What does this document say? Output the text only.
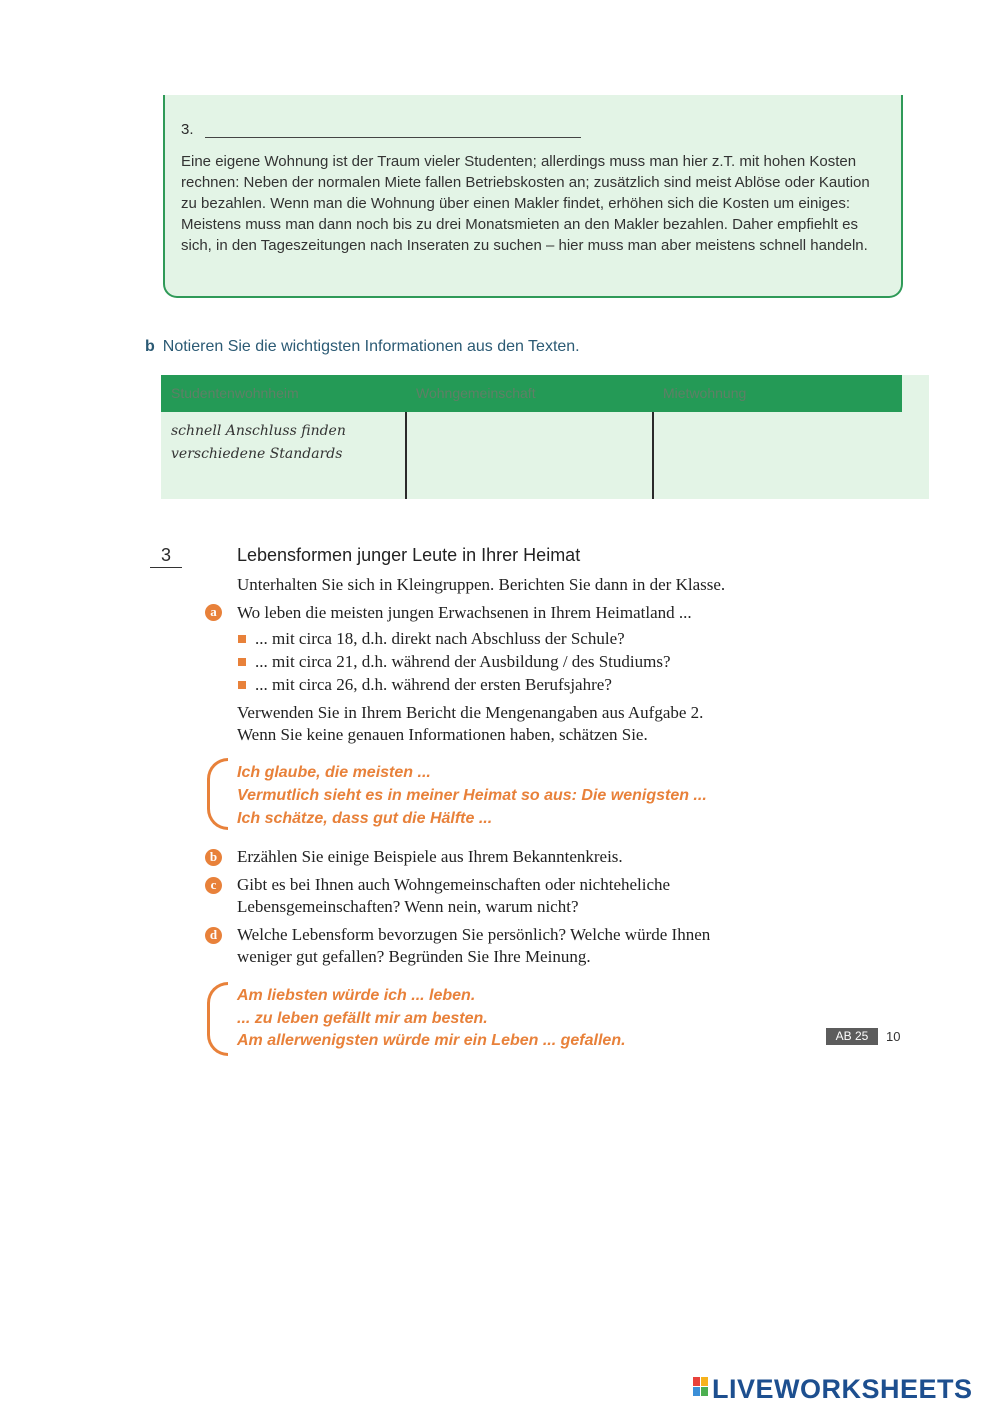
3.
Eine eigene Wohnung ist der Traum vieler Studenten; allerdings muss man hier z.T. mit hohen Kosten rechnen: Neben der normalen Miete fallen Betriebskosten an; zusätzlich sind meist Ablöse oder Kaution zu bezahlen. Wenn man die Wohnung über einen Makler findet, erhöhen sich die Kosten um einiges: Meistens muss man dann noch bis zu drei Monatsmieten an den Makler bezahlen. Daher empfiehlt es sich, in den Tageszeitungen nach Inseraten zu suchen – hier muss man aber meistens schnell handeln.
b Notieren Sie die wichtigsten Informationen aus den Texten.
Studentenwohnheim	Wohngemeinschaft	Mietwohnung
schnell Anschluss finden
verschiedene Standards
3	Lebensformen junger Leute in Ihrer Heimat
Unterhalten Sie sich in Kleingruppen. Berichten Sie dann in der Klasse.
a	Wo leben die meisten jungen Erwachsenen in Ihrem Heimatland ...
... mit circa 18, d.h. direkt nach Abschluss der Schule?
... mit circa 21, d.h. während der Ausbildung / des Studiums?
... mit circa 26, d.h. während der ersten Berufsjahre?
Verwenden Sie in Ihrem Bericht die Mengenangaben aus Aufgabe 2.
Wenn Sie keine genauen Informationen haben, schätzen Sie.
Ich glaube, die meisten ...
Vermutlich sieht es in meiner Heimat so aus: Die wenigsten ...
Ich schätze, dass gut die Hälfte ...
b Erzählen Sie einige Beispiele aus Ihrem Bekanntenkreis.
c	Gibt es bei Ihnen auch Wohngemeinschaften oder nichteheliche
Lebensgemeinschaften? Wenn nein, warum nicht?
d Welche Lebensform bevorzugen Sie persönlich? Welche würde Ihnen
weniger gut gefallen? Begründen Sie Ihre Meinung.
Am liebsten würde ich ... leben.
... zu leben gefällt mir am besten.
Am allerwenigsten würde mir ein Leben ... gefallen.	AB 25	10
LIVEWORKSHEETS
